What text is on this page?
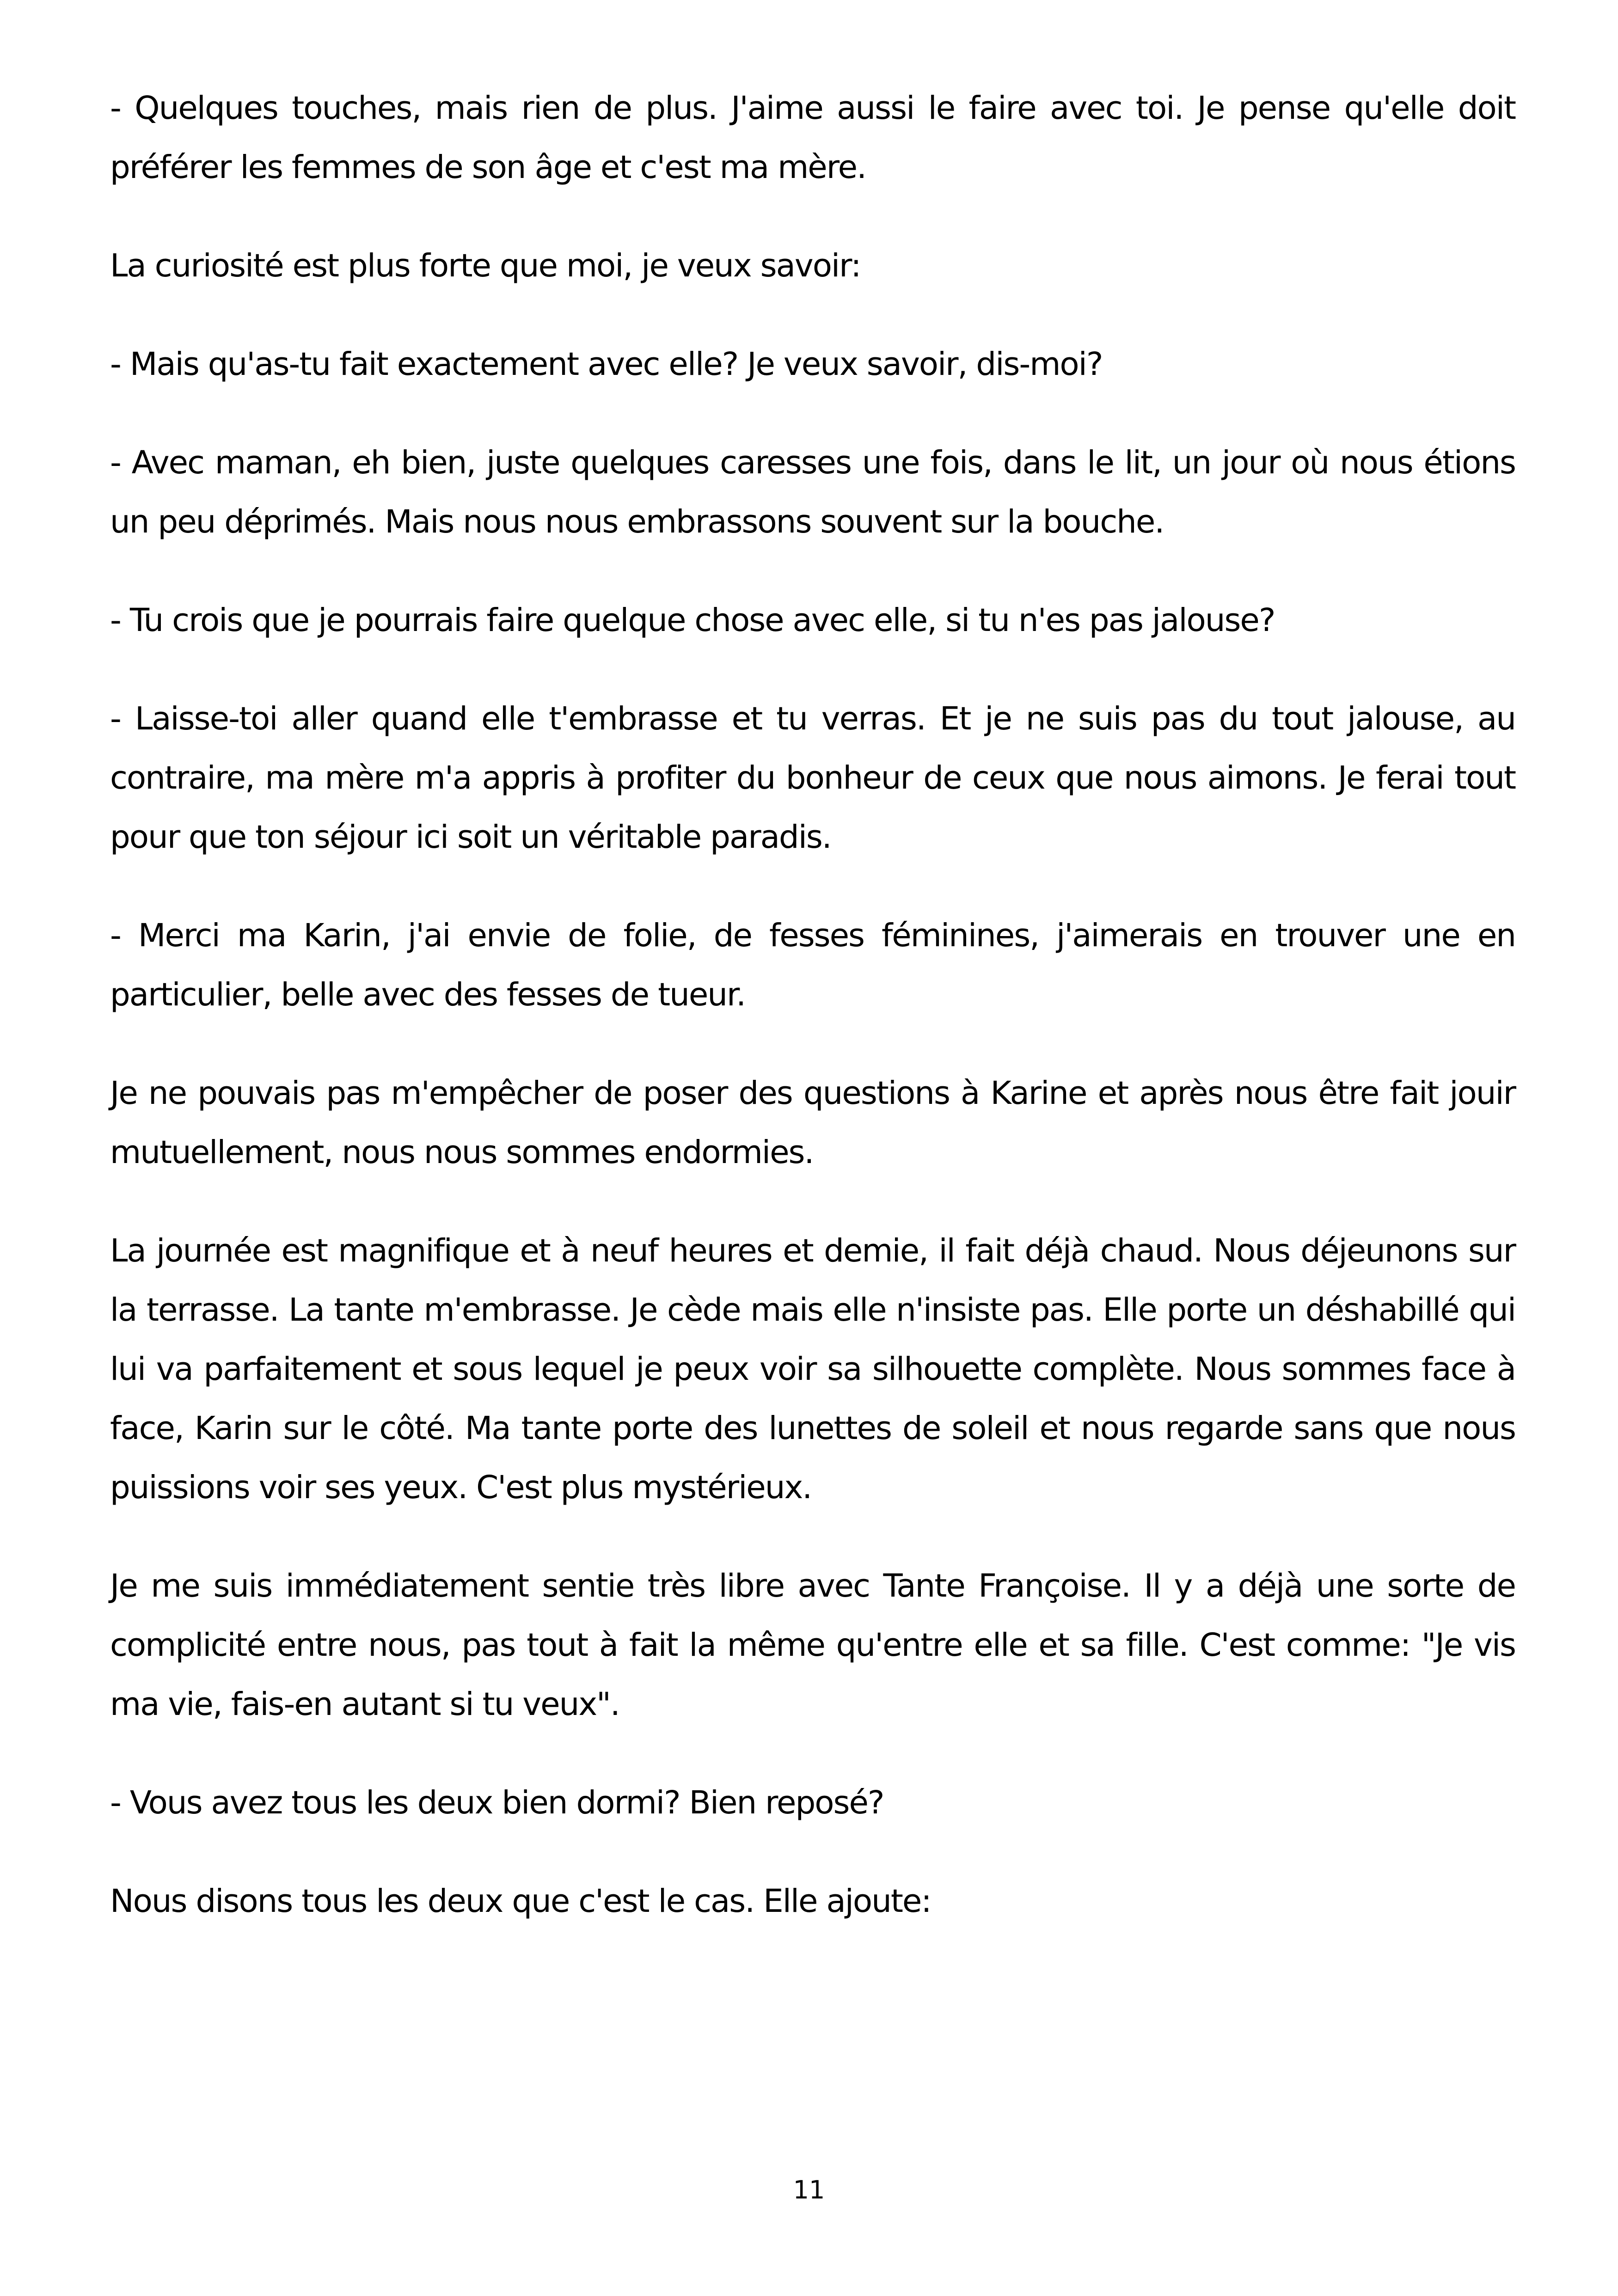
- Quelques touches, mais rien de plus. J'aime aussi le faire avec toi. Je pense qu'elle doit préférer les femmes de son âge et c'est ma mère.

La curiosité est plus forte que moi, je veux savoir:

- Mais qu'as-tu fait exactement avec elle? Je veux savoir, dis-moi?

- Avec maman, eh bien, juste quelques caresses une fois, dans le lit, un jour où nous étions un peu déprimés. Mais nous nous embrassons souvent sur la bouche.

- Tu crois que je pourrais faire quelque chose avec elle, si tu n'es pas jalouse?

- Laisse-toi aller quand elle t'embrasse et tu verras. Et je ne suis pas du tout jalouse, au contraire, ma mère m'a appris à profiter du bonheur de ceux que nous aimons. Je ferai tout pour que ton séjour ici soit un véritable paradis.

- Merci ma Karin, j'ai envie de folie, de fesses féminines, j'aimerais en trouver une en particulier, belle avec des fesses de tueur.

Je ne pouvais pas m'empêcher de poser des questions à Karine et après nous être fait jouir mutuellement, nous nous sommes endormies.

La journée est magnifique et à neuf heures et demie, il fait déjà chaud. Nous déjeunons sur la terrasse. La tante m'embrasse. Je cède mais elle n'insiste pas. Elle porte un déshabillé qui lui va parfaitement et sous lequel je peux voir sa silhouette complète. Nous sommes face à face, Karin sur le côté. Ma tante porte des lunettes de soleil et nous regarde sans que nous puissions voir ses yeux. C'est plus mystérieux.

Je me suis immédiatement sentie très libre avec Tante Françoise. Il y a déjà une sorte de complicité entre nous, pas tout à fait la même qu'entre elle et sa fille. C'est comme: "Je vis ma vie, fais-en autant si tu veux".

- Vous avez tous les deux bien dormi? Bien reposé?

Nous disons tous les deux que c'est le cas. Elle ajoute:

11
